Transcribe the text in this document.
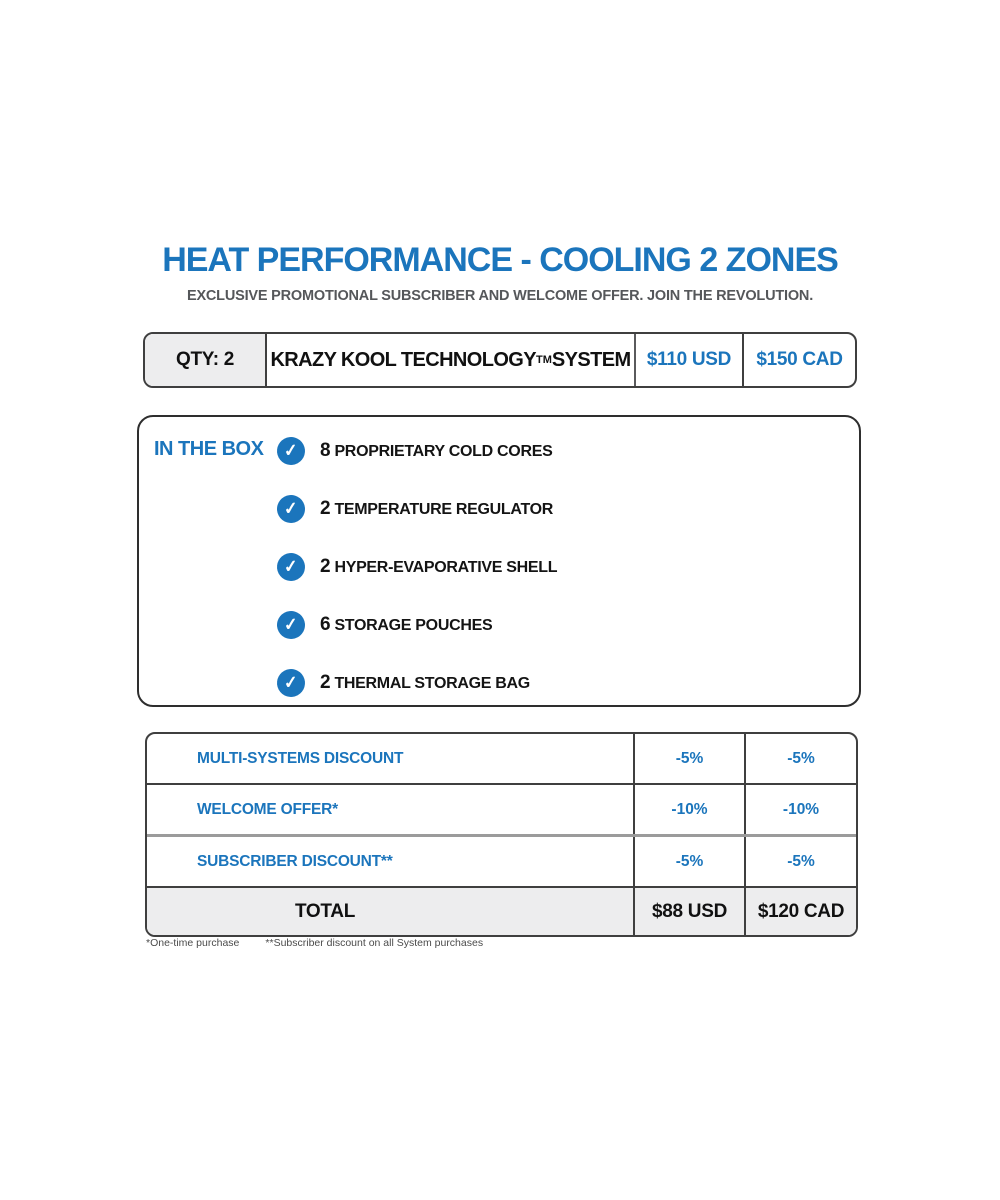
HEAT PERFORMANCE - COOLING 2 ZONES
EXCLUSIVE PROMOTIONAL SUBSCRIBER AND WELCOME OFFER. JOIN THE REVOLUTION.
QTY: 2	KRAZY KOOL TECHNOLOGY TM SYSTEM $110 USD	$150 CAD
IN THE BOX	✓	8 PROPRIETARY COLD CORES
✓	2 TEMPERATURE REGULATOR
✓	2 HYPER-EVAPORATIVE SHELL
✓	6 STORAGE POUCHES
✓	2 THERMAL STORAGE BAG
MULTI-SYSTEMS DISCOUNT	-5%	-5%
WELCOME OFFER*	-10%	-10%
SUBSCRIBER DISCOUNT**	-5%	-5%
TOTAL	$88 USD	$120 CAD
*One-time purchase **Subscriber discount on all System purchases
